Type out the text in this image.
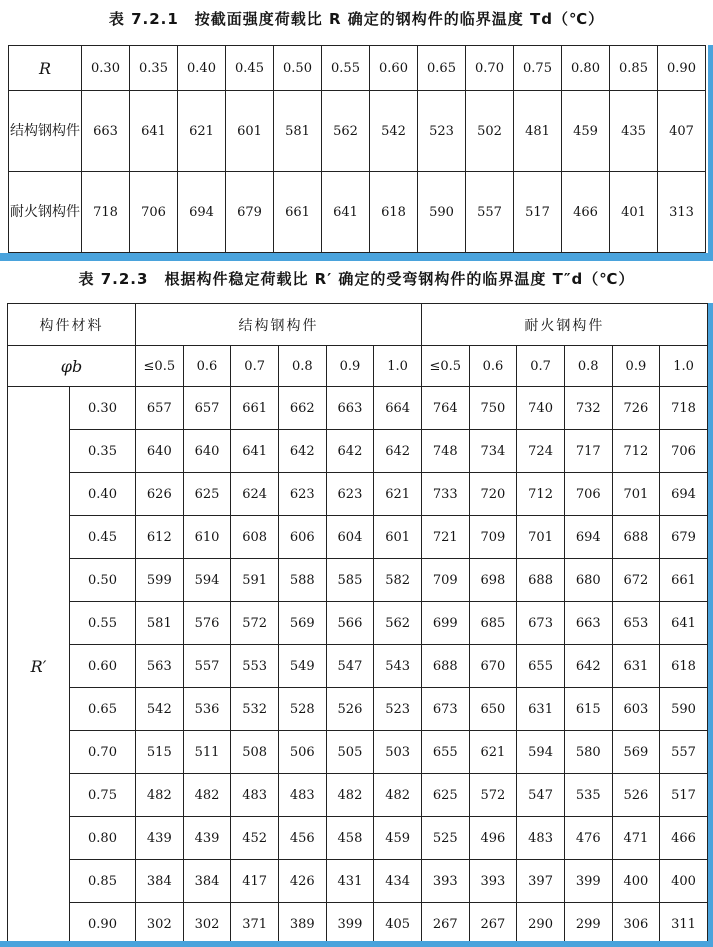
表 7.2.1　按截面强度荷载比 R 确定的钢构件的临界温度 Td（℃）
R	0.30	0.35	0.40	0.45	0.50	0.55	0.60	0.65	0.70	0.75	0.80	0.85	0.90
结构钢构件	663	641	621	601	581	562	542	523	502	481	459	435	407
耐火钢构件	718	706	694	679	661	641	618	590	557	517	466	401	313
表 7.2.3　根据构件稳定荷载比 R′ 确定的受弯钢构件的临界温度 T″d（℃）
构件材料		结构钢构件						耐火钢构件					
φb		≤0.5	0.6	0.7	0.8	0.9	1.0	≤0.5	0.6	0.7	0.8	0.9	1.0
R′	0.30	657	657	661	662	663	664	764	750	740	732	726	718
	0.35	640	640	641	642	642	642	748	734	724	717	712	706
	0.40	626	625	624	623	623	621	733	720	712	706	701	694
	0.45	612	610	608	606	604	601	721	709	701	694	688	679
	0.50	599	594	591	588	585	582	709	698	688	680	672	661
	0.55	581	576	572	569	566	562	699	685	673	663	653	641
	0.60	563	557	553	549	547	543	688	670	655	642	631	618
	0.65	542	536	532	528	526	523	673	650	631	615	603	590
	0.70	515	511	508	506	505	503	655	621	594	580	569	557
	0.75	482	482	483	483	482	482	625	572	547	535	526	517
	0.80	439	439	452	456	458	459	525	496	483	476	471	466
	0.85	384	384	417	426	431	434	393	393	397	399	400	400
	0.90	302	302	371	389	399	405	267	267	290	299	306	311
